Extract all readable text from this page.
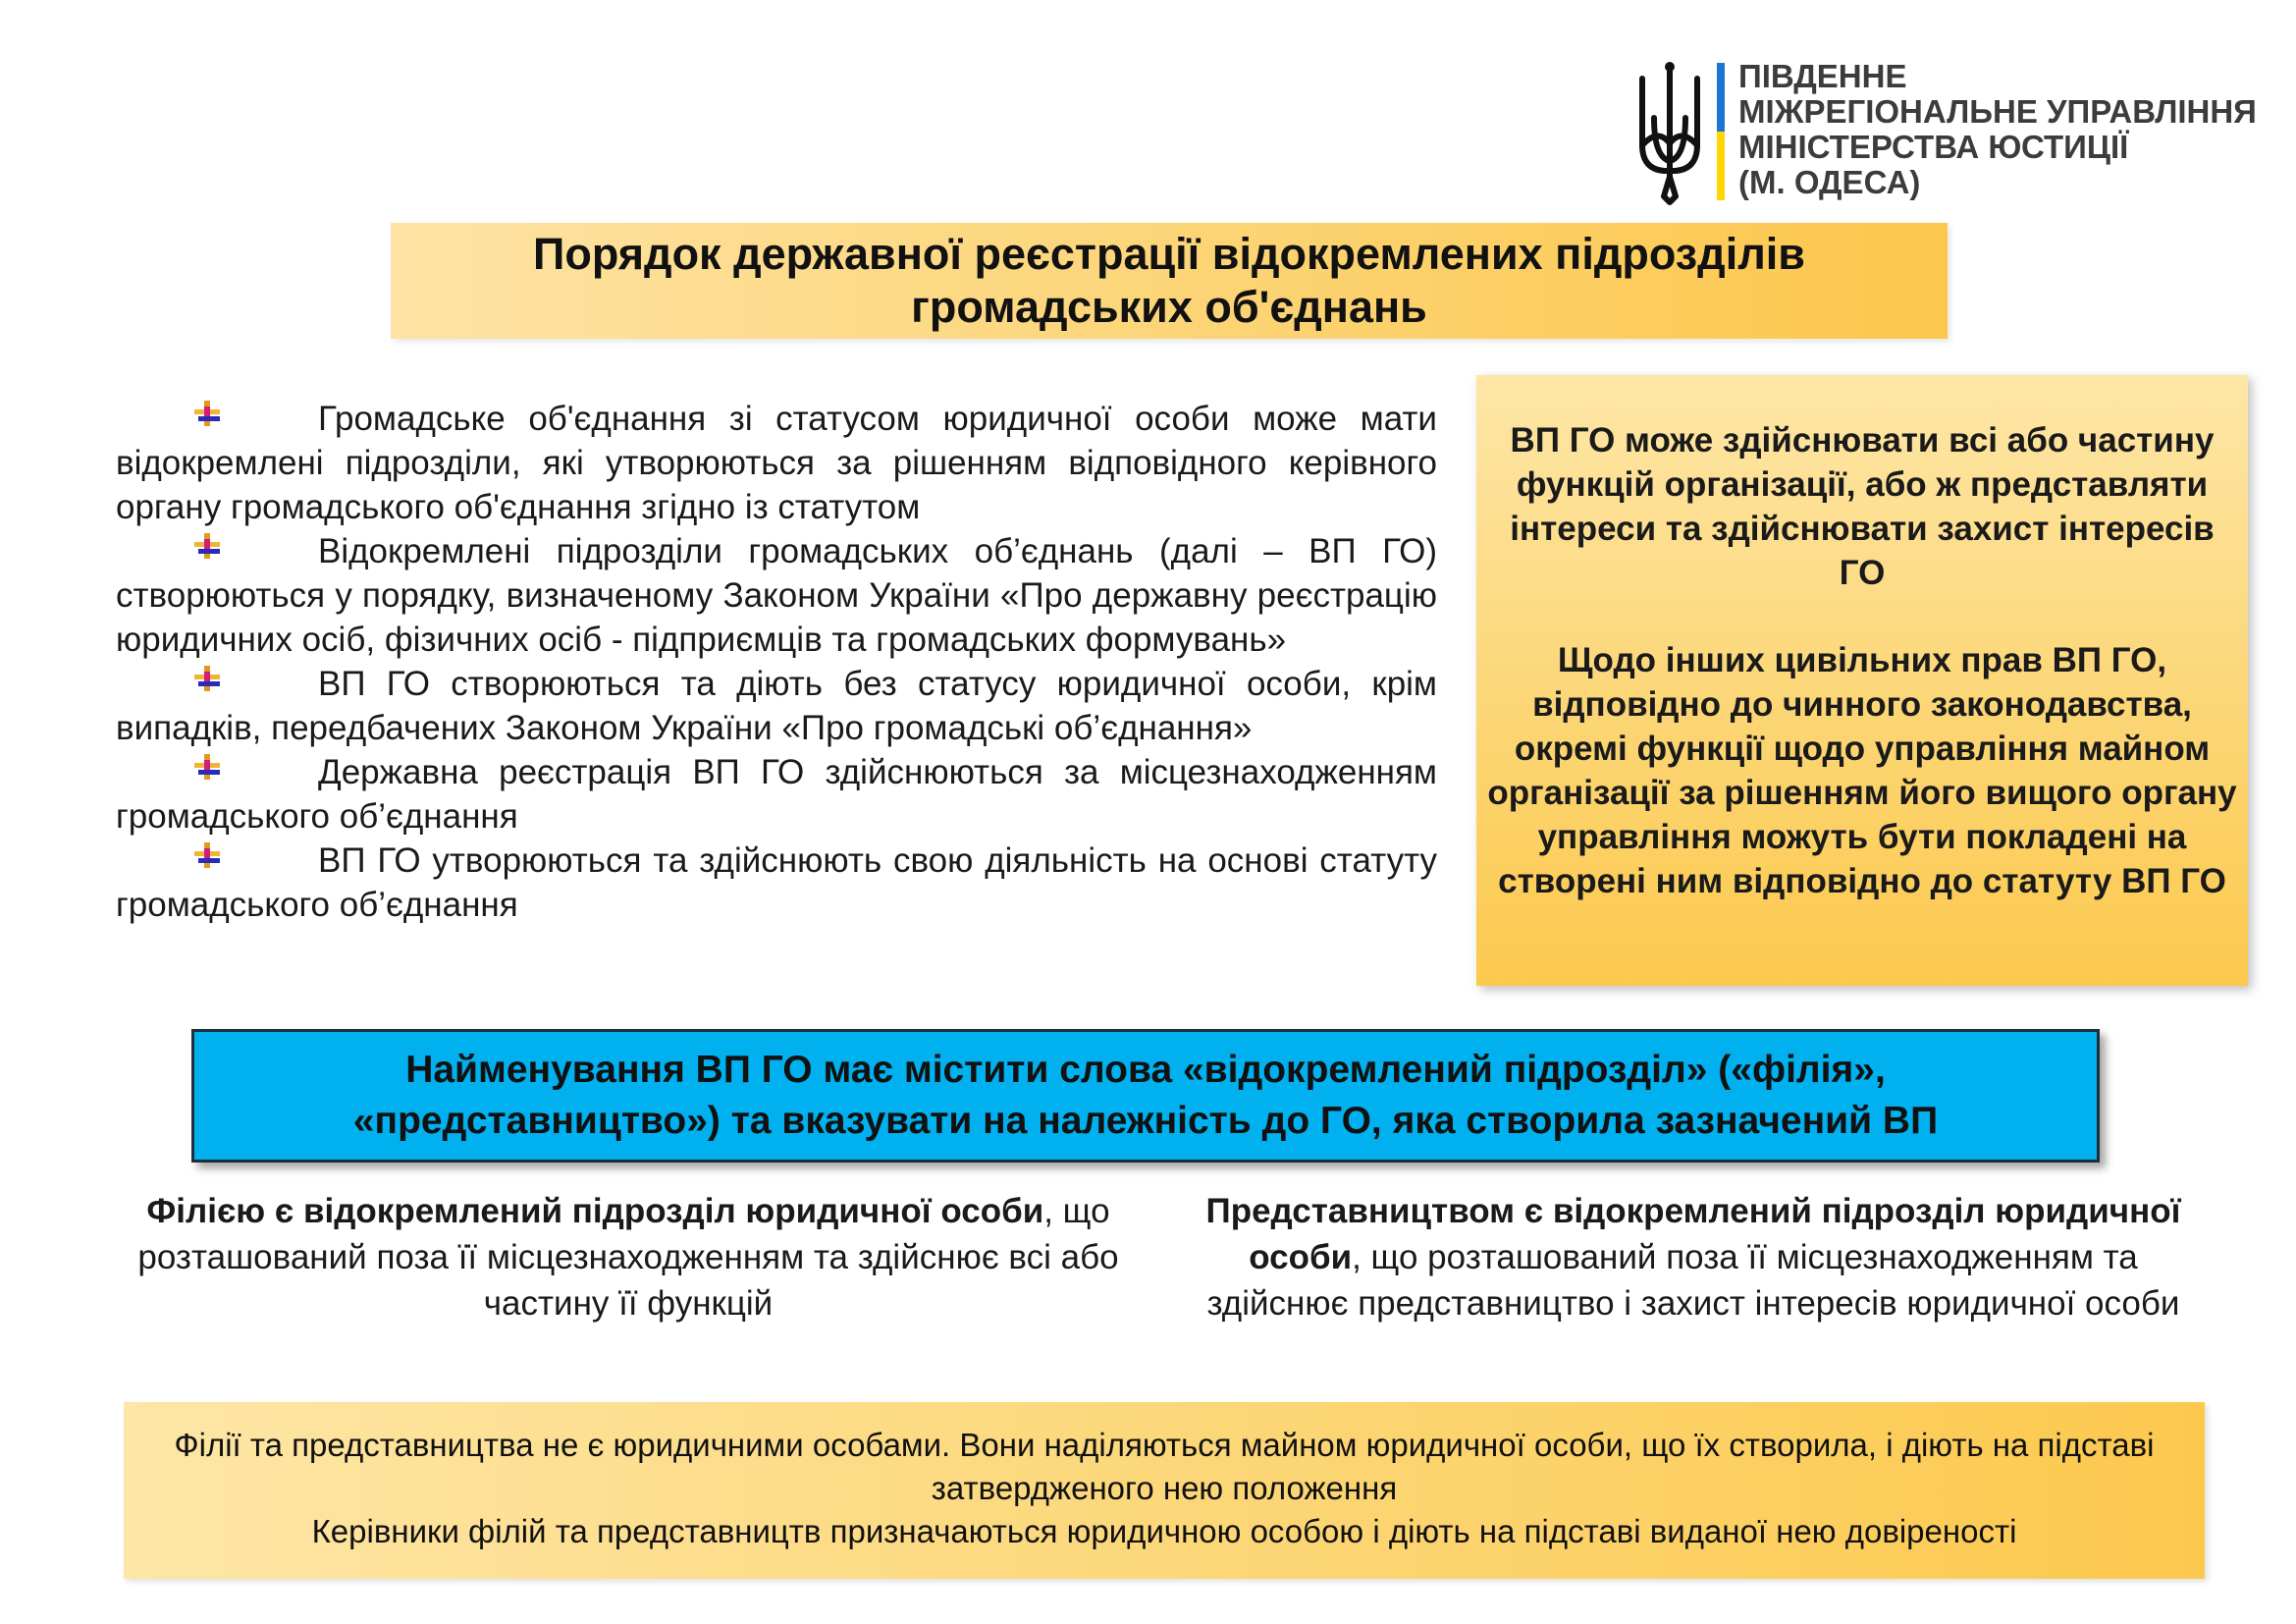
ПІВДЕННЕ
МІЖРЕГІОНАЛЬНЕ УПРАВЛІННЯ
МІНІСТЕРСТВА ЮСТИЦІЇ
(М. ОДЕСА)
Порядок державної реєстрації відокремлених підрозділів
громадських об'єднань

Громадське об'єднання зі статусом юридичної особи може мати відокремлені підрозділи, які утворюються за рішенням відповідного керівного органу громадського об'єднання згідно із статутом

Відокремлені підрозділи громадських об’єднань (далі – ВП ГО) створюються у порядку, визначеному Законом України «Про державну реєстрацію юридичних осіб, фізичних осіб - підприємців та громадських формувань»

ВП ГО створюються та діють без статусу юридичної особи, крім випадків, передбачених Законом України «Про громадські об’єднання»

Державна реєстрація ВП ГО здійснюються за місцезнаходженням громадського об’єднання

ВП ГО утворюються та здійснюють свою діяльність на основі статуту громадського об’єднання

ВП ГО може здійснювати всі або частину функцій організації, або ж представляти інтереси та здійснювати захист інтересів ГО

Щодо інших цивільних прав ВП ГО, відповідно до чинного законодавства, окремі функції щодо управління майном організації за рішенням його вищого органу управління можуть бути покладені на створені ним відповідно до статуту ВП ГО

Найменування ВП ГО має містити слова «відокремлений підрозділ» («філія»,
«представництво») та вказувати на належність до ГО, яка створила зазначений ВП
Філією є відокремлений підрозділ юридичної особи, що розташований поза її місцезнаходженням та здійснює всі або частину її функцій
Представництвом є відокремлений підрозділ юридичної особи, що розташований поза її місцезнаходженням та здійснює представництво і захист інтересів юридичної особи

Філії та представництва не є юридичними особами. Вони наділяються майном юридичної особи, що їх створила, і діють на підставі затвердженого нею положення

Керівники філій та представництв призначаються юридичною особою і діють на підставі виданої нею довіреності
